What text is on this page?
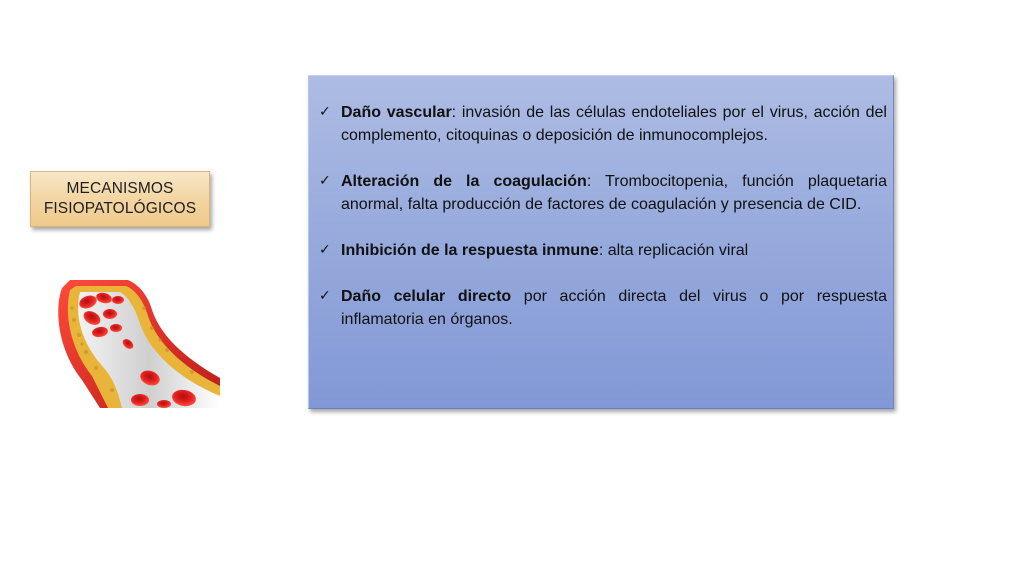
MECANISMOS
FISIOPATOLÓGICOS
✓ Daño vascular: invasión de las células endoteliales por el virus, acción del complemento, citoquinas o deposición de inmunocomplejos.
✓ Alteración de la coagulación: Trombocitopenia, función plaquetaria anormal, falta producción de factores de coagulación y presencia de CID.
✓ Inhibición de la respuesta inmune: alta replicación viral
✓ Daño celular directo por acción directa del virus o por respuesta inflamatoria en órganos.
